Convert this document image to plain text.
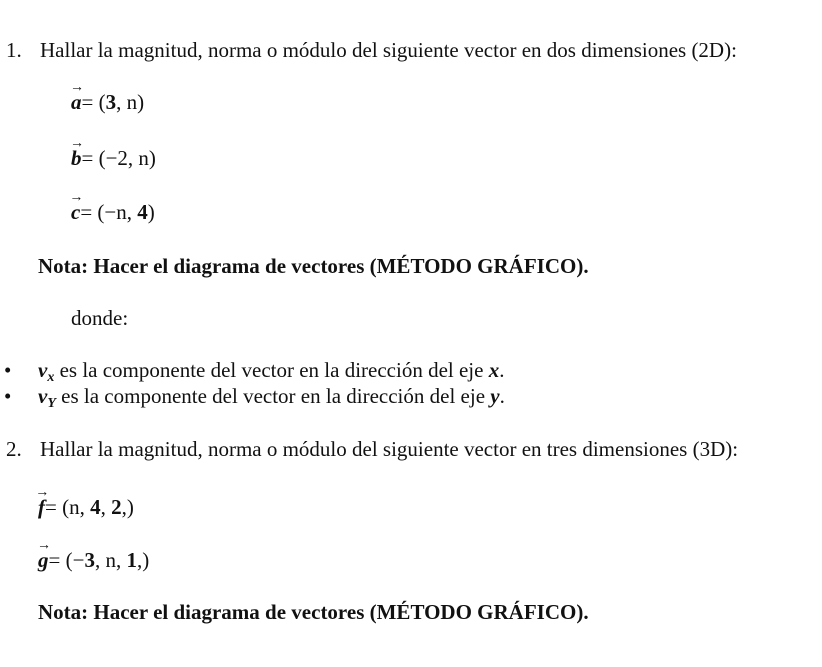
1. Hallar la magnitud, norma o módulo del siguiente vector en dos dimensiones (2D):
→
a= (3, n)
→
b= (−2, n)
→
c= (−n, 4)
Nota: Hacer el diagrama de vectores (MÉTODO GRÁFICO).
donde:
• $v_x$ es la componente del vector en la dirección del eje x.
• $v_Y$ es la componente del vector en la dirección del eje y.
2. Hallar la magnitud, norma o módulo del siguiente vector en tres dimensiones (3D):
→
f= (n, 4, 2,)
→
g= (−3, n, 1,)
Nota: Hacer el diagrama de vectores (MÉTODO GRÁFICO).
